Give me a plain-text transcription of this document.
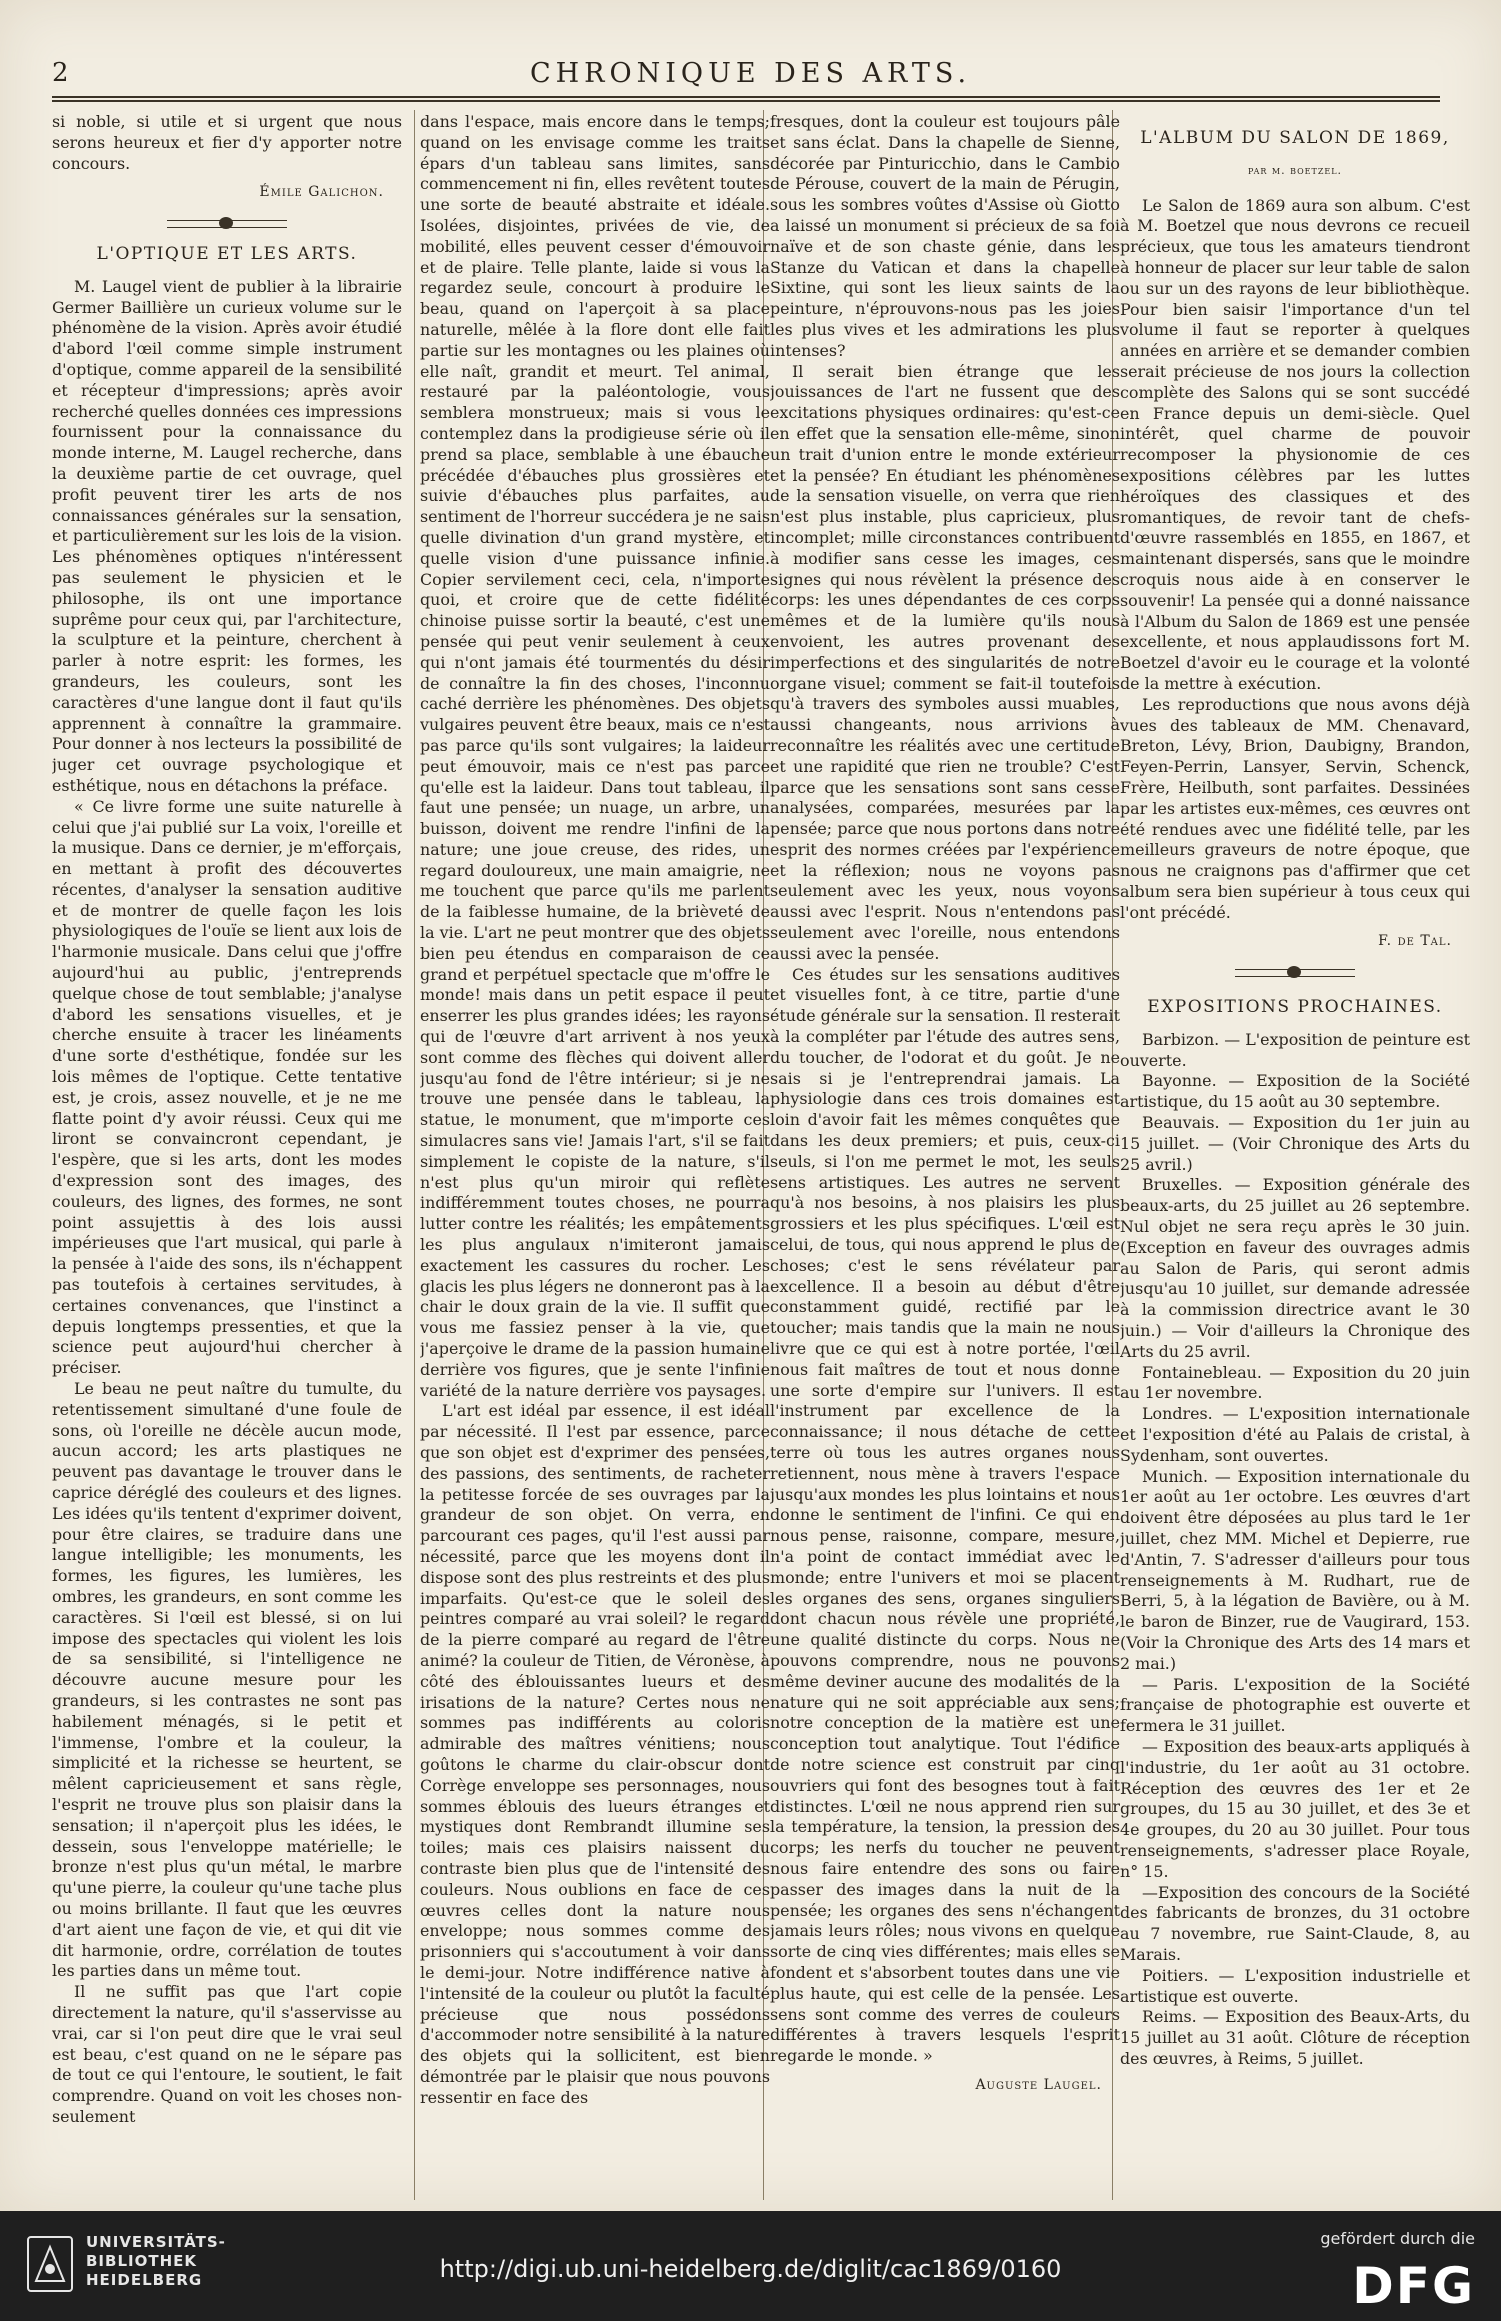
2	CHRONIQUE DES ARTS.

si noble, si utile et si urgent que nous serons heureux et fier d'y apporter notre concours.

Émile Galichon.
L'OPTIQUE ET LES ARTS.

M. Laugel vient de publier à la librairie Germer Baillière un curieux volume sur le phénomène de la vision. Après avoir étudié d'abord l'œil comme simple instrument d'optique, comme appareil de la sensibilité et récepteur d'impressions; après avoir recherché quelles données ces impressions fournissent pour la connaissance du monde interne, M. Laugel recherche, dans la deuxième partie de cet ouvrage, quel profit peuvent tirer les arts de nos connaissances générales sur la sensation, et particulièrement sur les lois de la vision. Les phénomènes optiques n'intéressent pas seulement le physicien et le philosophe, ils ont une importance suprême pour ceux qui, par l'architecture, la sculpture et la peinture, cherchent à parler à notre esprit: les formes, les grandeurs, les couleurs, sont les caractères d'une langue dont il faut qu'ils apprennent à connaître la grammaire. Pour donner à nos lecteurs la possibilité de juger cet ouvrage psychologique et esthétique, nous en détachons la préface.

« Ce livre forme une suite naturelle à celui que j'ai publié sur La voix, l'oreille et la musique. Dans ce dernier, je m'efforçais, en mettant à profit des découvertes récentes, d'analyser la sensation auditive et de montrer de quelle façon les lois physiologiques de l'ouïe se lient aux lois de l'harmonie musicale. Dans celui que j'offre aujourd'hui au public, j'entreprends quelque chose de tout semblable; j'analyse d'abord les sensations visuelles, et je cherche ensuite à tracer les linéaments d'une sorte d'esthétique, fondée sur les lois mêmes de l'optique. Cette tentative est, je crois, assez nouvelle, et je ne me flatte point d'y avoir réussi. Ceux qui me liront se convaincront cependant, je l'espère, que si les arts, dont les modes d'expression sont des images, des couleurs, des lignes, des formes, ne sont point assujettis à des lois aussi impérieuses que l'art musical, qui parle à la pensée à l'aide des sons, ils n'échappent pas toutefois à certaines servitudes, à certaines convenances, que l'instinct a depuis longtemps pressenties, et que la science peut aujourd'hui chercher à préciser.

Le beau ne peut naître du tumulte, du retentissement simultané d'une foule de sons, où l'oreille ne décèle aucun mode, aucun accord; les arts plastiques ne peuvent pas davantage le trouver dans le caprice déréglé des couleurs et des lignes. Les idées qu'ils tentent d'exprimer doivent, pour être claires, se traduire dans une langue intelligible; les monuments, les formes, les figures, les lumières, les ombres, les grandeurs, en sont comme les caractères. Si l'œil est blessé, si on lui impose des spectacles qui violent les lois de sa sensibilité, si l'intelligence ne découvre aucune mesure pour les grandeurs, si les contrastes ne sont pas habilement ménagés, si le petit et l'immense, l'ombre et la couleur, la simplicité et la richesse se heurtent, se mêlent capricieusement et sans règle, l'esprit ne trouve plus son plaisir dans la sensation; il n'aperçoit plus les idées, le dessein, sous l'enveloppe matérielle; le bronze n'est plus qu'un métal, le marbre qu'une pierre, la couleur qu'une tache plus ou moins brillante. Il faut que les œuvres d'art aient une façon de vie, et qui dit vie dit harmonie, ordre, corrélation de toutes les parties dans un même tout.

Il ne suffit pas que l'art copie directement la nature, qu'il s'asservisse au vrai, car si l'on peut dire que le vrai seul est beau, c'est quand on ne le sépare pas de tout ce qui l'entoure, le soutient, le fait comprendre. Quand on voit les choses non-seulement

dans l'espace, mais encore dans le temps; quand on les envisage comme les traits épars d'un tableau sans limites, sans commencement ni fin, elles revêtent toutes une sorte de beauté abstraite et idéale. Isolées, disjointes, privées de vie, de mobilité, elles peuvent cesser d'émouvoir et de plaire. Telle plante, laide si vous la regardez seule, concourt à produire le beau, quand on l'aperçoit à sa place naturelle, mêlée à la flore dont elle fait partie sur les montagnes ou les plaines où elle naît, grandit et meurt. Tel animal, restauré par la paléontologie, vous semblera monstrueux; mais si vous le contemplez dans la prodigieuse série où il prend sa place, semblable à une ébauche précédée d'ébauches plus grossières et suivie d'ébauches plus parfaites, au sentiment de l'horreur succédera je ne sais quelle divination d'un grand mystère, et quelle vision d'une puissance infinie. Copier servilement ceci, cela, n'importe quoi, et croire que de cette fidélité chinoise puisse sortir la beauté, c'est une pensée qui peut venir seulement à ceux qui n'ont jamais été tourmentés du désir de connaître la fin des choses, l'inconnu caché derrière les phénomènes. Des objets vulgaires peuvent être beaux, mais ce n'est pas parce qu'ils sont vulgaires; la laideur peut émouvoir, mais ce n'est pas parce qu'elle est la laideur. Dans tout tableau, il faut une pensée; un nuage, un arbre, un buisson, doivent me rendre l'infini de la nature; une joue creuse, des rides, un regard douloureux, une main amaigrie, ne me touchent que parce qu'ils me parlent de la faiblesse humaine, de la brièveté de la vie. L'art ne peut montrer que des objets bien peu étendus en comparaison de ce grand et perpétuel spectacle que m'offre le monde! mais dans un petit espace il peut enserrer les plus grandes idées; les rayons qui de l'œuvre d'art arrivent à nos yeux sont comme des flèches qui doivent aller jusqu'au fond de l'être intérieur; si je ne trouve une pensée dans le tableau, la statue, le monument, que m'importe ces simulacres sans vie! Jamais l'art, s'il se fait simplement le copiste de la nature, s'il n'est plus qu'un miroir qui reflète indifféremment toutes choses, ne pourra lutter contre les réalités; les empâtements les plus angulaux n'imiteront jamais exactement les cassures du rocher. Les glacis les plus légers ne donneront pas à la chair le doux grain de la vie. Il suffit que vous me fassiez penser à la vie, que j'aperçoive le drame de la passion humaine derrière vos figures, que je sente l'infinie variété de la nature derrière vos paysages.

L'art est idéal par essence, il est idéal par nécessité. Il l'est par essence, parce que son objet est d'exprimer des pensées, des passions, des sentiments, de racheter la petitesse forcée de ses ouvrages par la grandeur de son objet. On verra, en parcourant ces pages, qu'il l'est aussi par nécessité, parce que les moyens dont il dispose sont des plus restreints et des plus imparfaits. Qu'est-ce que le soleil des peintres comparé au vrai soleil? le regard de la pierre comparé au regard de l'être animé? la couleur de Titien, de Véronèse, à côté des éblouissantes lueurs et des irisations de la nature? Certes nous ne sommes pas indifférents au coloris admirable des maîtres vénitiens; nous goûtons le charme du clair-obscur dont Corrège enveloppe ses personnages, nous sommes éblouis des lueurs étranges et mystiques dont Rembrandt illumine ses toiles; mais ces plaisirs naissent du contraste bien plus que de l'intensité des couleurs. Nous oublions en face de ces œuvres celles dont la nature nous enveloppe; nous sommes comme des prisonniers qui s'accoutument à voir dans le demi-jour. Notre indifférence native à l'intensité de la couleur ou plutôt la faculté précieuse que nous possédons d'accommoder notre sensibilité à la nature des objets qui la sollicitent, est bien démontrée par le plaisir que nous pouvons ressentir en face des

fresques, dont la couleur est toujours pâle et sans éclat. Dans la chapelle de Sienne, décorée par Pinturicchio, dans le Cambio de Pérouse, couvert de la main de Pérugin, sous les sombres voûtes d'Assise où Giotto a laissé un monument si précieux de sa foi naïve et de son chaste génie, dans les Stanze du Vatican et dans la chapelle Sixtine, qui sont les lieux saints de la peinture, n'éprouvons-nous pas les joies les plus vives et les admirations les plus intenses?

Il serait bien étrange que les jouissances de l'art ne fussent que des excitations physiques ordinaires: qu'est-ce en effet que la sensation elle-même, sinon un trait d'union entre le monde extérieur et la pensée? En étudiant les phénomènes de la sensation visuelle, on verra que rien n'est plus instable, plus capricieux, plus incomplet; mille circonstances contribuent à modifier sans cesse les images, ces signes qui nous révèlent la présence des corps: les unes dépendantes de ces corps mêmes et de la lumière qu'ils nous envoient, les autres provenant des imperfections et des singularités de notre organe visuel; comment se fait-il toutefois qu'à travers des symboles aussi muables, aussi changeants, nous arrivions à reconnaître les réalités avec une certitude et une rapidité que rien ne trouble? C'est parce que les sensations sont sans cesse analysées, comparées, mesurées par la pensée; parce que nous portons dans notre esprit des normes créées par l'expérience et la réflexion; nous ne voyons pas seulement avec les yeux, nous voyons aussi avec l'esprit. Nous n'entendons pas seulement avec l'oreille, nous entendons aussi avec la pensée.

Ces études sur les sensations auditives et visuelles font, à ce titre, partie d'une étude générale sur la sensation. Il resterait à la compléter par l'étude des autres sens, du toucher, de l'odorat et du goût. Je ne sais si je l'entreprendrai jamais. La physiologie dans ces trois domaines est loin d'avoir fait les mêmes conquêtes que dans les deux premiers; et puis, ceux-ci seuls, si l'on me permet le mot, les seuls sens artistiques. Les autres ne servent qu'à nos besoins, à nos plaisirs les plus grossiers et les plus spécifiques. L'œil est celui, de tous, qui nous apprend le plus de choses; c'est le sens révélateur par excellence. Il a besoin au début d'être constamment guidé, rectifié par le toucher; mais tandis que la main ne nous livre que ce qui est à notre portée, l'œil nous fait maîtres de tout et nous donne une sorte d'empire sur l'univers. Il est l'instrument par excellence de la connaissance; il nous détache de cette terre où tous les autres organes nous retiennent, nous mène à travers l'espace jusqu'aux mondes les plus lointains et nous donne le sentiment de l'infini. Ce qui en nous pense, raisonne, compare, mesure, n'a point de contact immédiat avec le monde; entre l'univers et moi se placent les organes des sens, organes singuliers dont chacun nous révèle une propriété, une qualité distincte du corps. Nous ne pouvons comprendre, nous ne pouvons même deviner aucune des modalités de la nature qui ne soit appréciable aux sens; notre conception de la matière est une conception tout analytique. Tout l'édifice de notre science est construit par cinq ouvriers qui font des besognes tout à fait distinctes. L'œil ne nous apprend rien sur la température, la tension, la pression des corps; les nerfs du toucher ne peuvent nous faire entendre des sons ou faire passer des images dans la nuit de la pensée; les organes des sens n'échangent jamais leurs rôles; nous vivons en quelque sorte de cinq vies différentes; mais elles se fondent et s'absorbent toutes dans une vie plus haute, qui est celle de la pensée. Les sens sont comme des verres de couleurs différentes à travers lesquels l'esprit regarde le monde. »

Auguste Laugel.
L'ALBUM DU SALON DE 1869,
par m. boetzel.

Le Salon de 1869 aura son album. C'est à M. Boetzel que nous devrons ce recueil précieux, que tous les amateurs tiendront à honneur de placer sur leur table de salon ou sur un des rayons de leur bibliothèque. Pour bien saisir l'importance d'un tel volume il faut se reporter à quelques années en arrière et se demander combien serait précieuse de nos jours la collection complète des Salons qui se sont succédé en France depuis un demi-siècle. Quel intérêt, quel charme de pouvoir recomposer la physionomie de ces expositions célèbres par les luttes héroïques des classiques et des romantiques, de revoir tant de chefs-d'œuvre rassemblés en 1855, en 1867, et maintenant dispersés, sans que le moindre croquis nous aide à en conserver le souvenir! La pensée qui a donné naissance à l'Album du Salon de 1869 est une pensée excellente, et nous applaudissons fort M. Boetzel d'avoir eu le courage et la volonté de la mettre à exécution.

Les reproductions que nous avons déjà vues des tableaux de MM. Chenavard, Breton, Lévy, Brion, Daubigny, Brandon, Feyen-Perrin, Lansyer, Servin, Schenck, Frère, Heilbuth, sont parfaites. Dessinées par les artistes eux-mêmes, ces œuvres ont été rendues avec une fidélité telle, par les meilleurs graveurs de notre époque, que nous ne craignons pas d'affirmer que cet album sera bien supérieur à tous ceux qui l'ont précédé.

F. de Tal.
EXPOSITIONS PROCHAINES.

Barbizon. — L'exposition de peinture est ouverte.

Bayonne. — Exposition de la Société artistique, du 15 août au 30 septembre.

Beauvais. — Exposition du 1er juin au 15 juillet. — (Voir Chronique des Arts du 25 avril.)

Bruxelles. — Exposition générale des beaux-arts, du 25 juillet au 26 septembre. Nul objet ne sera reçu après le 30 juin. (Exception en faveur des ouvrages admis au Salon de Paris, qui seront admis jusqu'au 10 juillet, sur demande adressée à la commission directrice avant le 30 juin.) — Voir d'ailleurs la Chronique des Arts du 25 avril.

Fontainebleau. — Exposition du 20 juin au 1er novembre.

Londres. — L'exposition internationale et l'exposition d'été au Palais de cristal, à Sydenham, sont ouvertes.

Munich. — Exposition internationale du 1er août au 1er octobre. Les œuvres d'art doivent être déposées au plus tard le 1er juillet, chez MM. Michel et Depierre, rue d'Antin, 7. S'adresser d'ailleurs pour tous renseignements à M. Rudhart, rue de Berri, 5, à la légation de Bavière, ou à M. le baron de Binzer, rue de Vaugirard, 153. (Voir la Chronique des Arts des 14 mars et 2 mai.)

— Paris. L'exposition de la Société française de photographie est ouverte et fermera le 31 juillet.

— Exposition des beaux-arts appliqués à l'industrie, du 1er août au 31 octobre. Réception des œuvres des 1er et 2e groupes, du 15 au 30 juillet, et des 3e et 4e groupes, du 20 au 30 juillet. Pour tous renseignements, s'adresser place Royale, n° 15.

—Exposition des concours de la Société des fabricants de bronzes, du 31 octobre au 7 novembre, rue Saint-Claude, 8, au Marais.

Poitiers. — L'exposition industrielle et artistique est ouverte.

Reims. — Exposition des Beaux-Arts, du 15 juillet au 31 août. Clôture de réception des œuvres, à Reims, 5 juillet.

UNIVERSITÄTS-
BIBLIOTHEK
HEIDELBERG	http://digi.ub.uni-heidelberg.de/diglit/cac1869/0160
gefördert durch die
DFG
